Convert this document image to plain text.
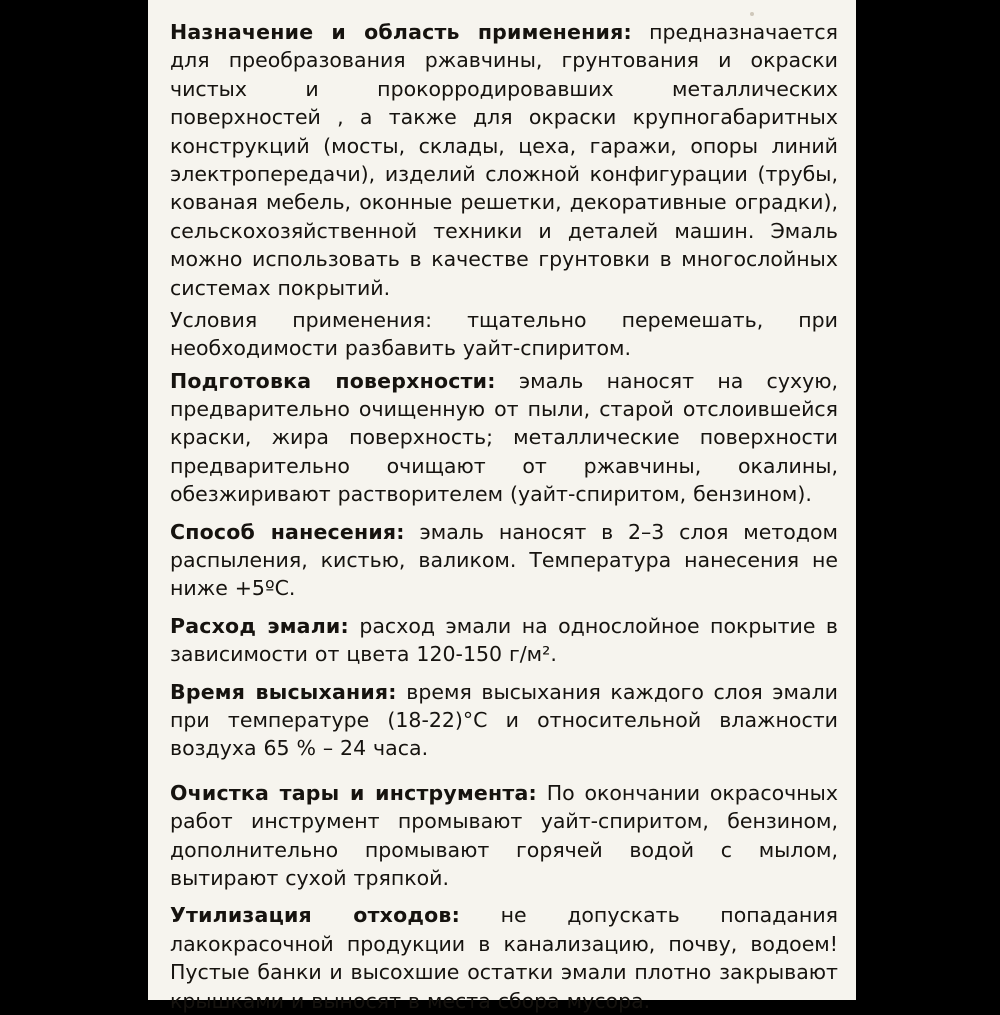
Назначение и область применения: предназначается для преобразования ржавчины, грунтования и окраски чистых и прокорродировавших металлических поверхностей , а также для окраски крупногабаритных конструкций (мосты, склады, цеха, гаражи, опоры линий электропередачи), изделий сложной конфигурации (трубы, кованая мебель, оконные решетки, декоративные оградки), сельскохозяйственной техники и деталей машин. Эмаль можно использовать в качестве грунтовки в многослойных системах покрытий.

Условия применения: тщательно перемешать, при необходимости разбавить уайт-спиритом.

Подготовка поверхности: эмаль наносят на сухую, предварительно очищенную от пыли, старой отслоившейся краски, жира поверхность; металлические поверхности предварительно очищают от ржавчины, окалины, обезжиривают растворителем (уайт-спиритом, бензином).

Способ нанесения: эмаль наносят в 2–3 слоя методом распыления, кистью, валиком. Температура нанесения не ниже +5ºС.

Расход эмали: расход эмали на однослойное покрытие в зависимости от цвета 120-150 г/м².

Время высыхания: время высыхания каждого слоя эмали при температуре (18-22)°С и относительной влажности воздуха 65 % – 24 часа.

Очистка тары и инструмента: По окончании окрасочных работ инструмент промывают уайт-спиритом, бензином, дополнительно промывают горячей водой с мылом, вытирают сухой тряпкой.

Утилизация отходов: не допускать попадания лакокрасочной продукции в канализацию, почву, водоем! Пустые банки и высохшие остатки эмали плотно закрывают крышками и выносят в места сбора мусора.
